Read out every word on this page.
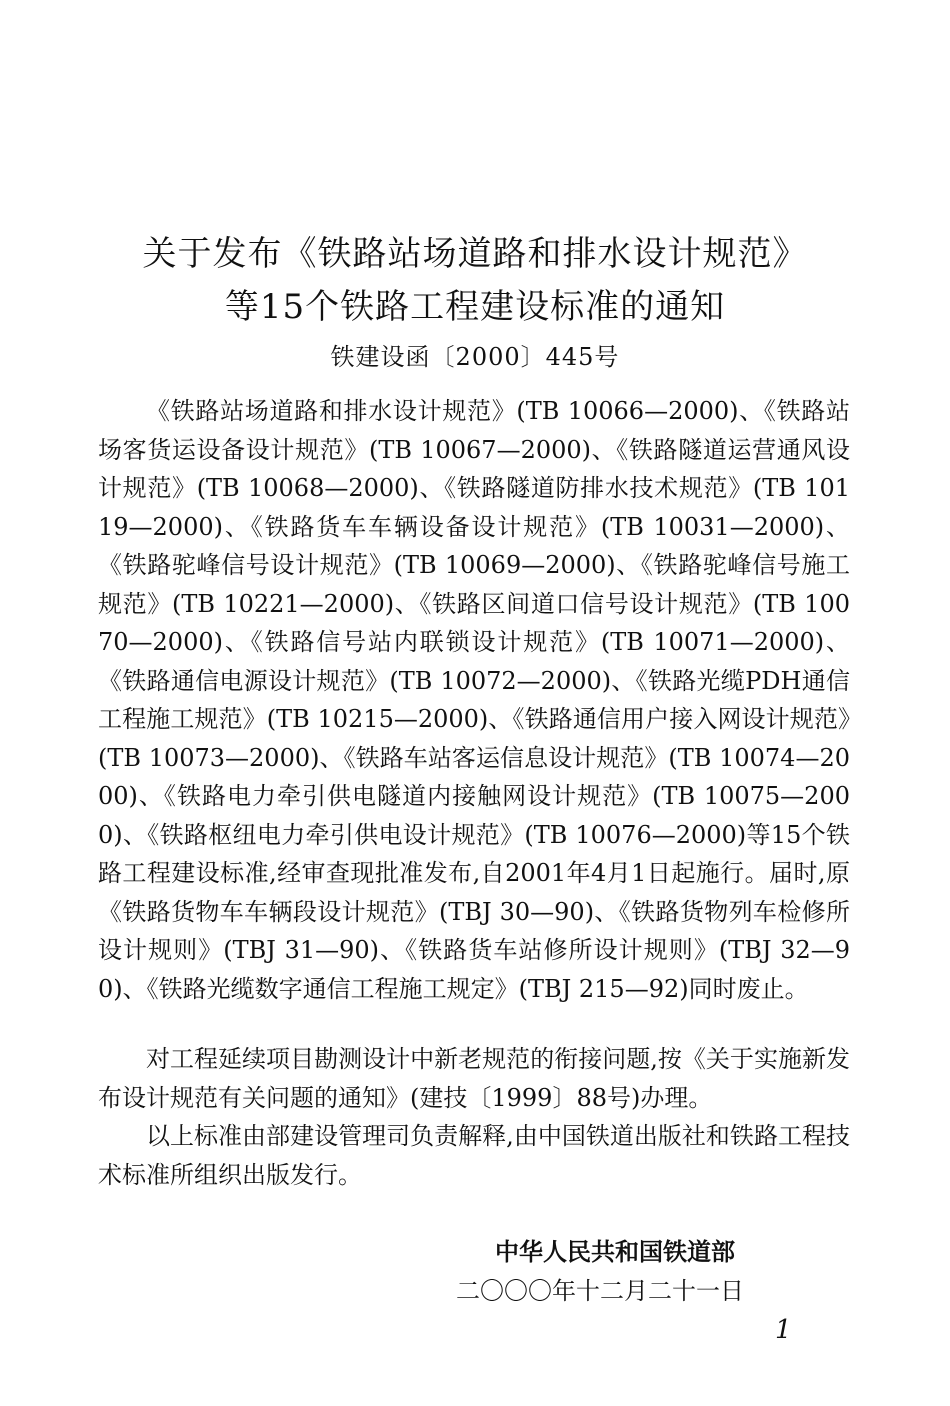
关于发布《铁路站场道路和排水设计规范》
等15个铁路工程建设标准的通知
铁建设函〔2000〕445号

《铁路站场道路和排水设计规范》(TB 10066—2000)、《铁路站场客货运设备设计规范》(TB 10067—2000)、《铁路隧道运营通风设计规范》(TB 10068—2000)、《铁路隧道防排水技术规范》(TB 10119—2000)、《铁路货车车辆设备设计规范》(TB 10031—2000)、《铁路驼峰信号设计规范》(TB 10069—2000)、《铁路驼峰信号施工规范》(TB 10221—2000)、《铁路区间道口信号设计规范》(TB 10070—2000)、《铁路信号站内联锁设计规范》(TB 10071—2000)、《铁路通信电源设计规范》(TB 10072—2000)、《铁路光缆PDH通信工程施工规范》(TB 10215—2000)、《铁路通信用户接入网设计规范》(TB 10073—2000)、《铁路车站客运信息设计规范》(TB 10074—2000)、《铁路电力牵引供电隧道内接触网设计规范》(TB 10075—2000)、《铁路枢纽电力牵引供电设计规范》(TB 10076—2000)等15个铁路工程建设标准,经审查现批准发布,自2001年4月1日起施行。届时,原《铁路货物车车辆段设计规范》(TBJ 30—90)、《铁路货物列车检修所设计规则》(TBJ 31—90)、《铁路货车站修所设计规则》(TBJ 32—90)、《铁路光缆数字通信工程施工规定》(TBJ 215—92)同时废止。

对工程延续项目勘测设计中新老规范的衔接问题,按《关于实施新发布设计规范有关问题的通知》(建技〔1999〕88号)办理。

以上标准由部建设管理司负责解释,由中国铁道出版社和铁路工程技术标准所组织出版发行。

中华人民共和国铁道部
二〇〇〇年十二月二十一日
1
